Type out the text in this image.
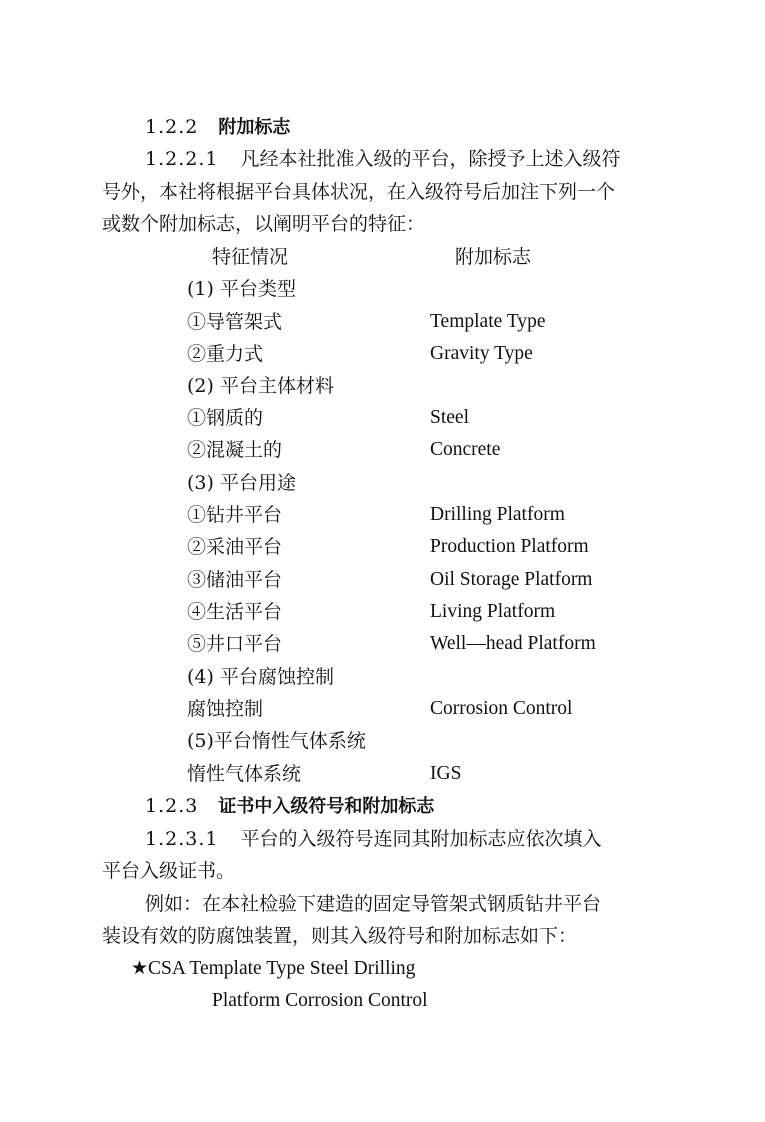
1.2.2 附加标志
1.2.2.1 凡经本社批准入级的平台，除授予上述入级符
号外，本社将根据平台具体状况，在入级符号后加注下列一个
或数个附加标志，以阐明平台的特征：
特征情况	附加标志
(1) 平台类型
①导管架式	Template Type
②重力式	Gravity Type
(2) 平台主体材料
①钢质的	Steel
②混凝土的	Concrete
(3) 平台用途
①钻井平台	Drilling Platform
②采油平台	Production Platform
③储油平台	Oil Storage Platform
④生活平台	Living Platform
⑤井口平台	Well—head Platform
(4) 平台腐蚀控制
腐蚀控制	Corrosion Control
(5)平台惰性气体系统
惰性气体系统	IGS
1.2.3 证书中入级符号和附加标志
1.2.3.1 平台的入级符号连同其附加标志应依次填入
平台入级证书。
例如：在本社检验下建造的固定导管架式钢质钻井平台
装设有效的防腐蚀装置，则其入级符号和附加标志如下：
★CSA Template Type Steel Drilling
Platform Corrosion Control
